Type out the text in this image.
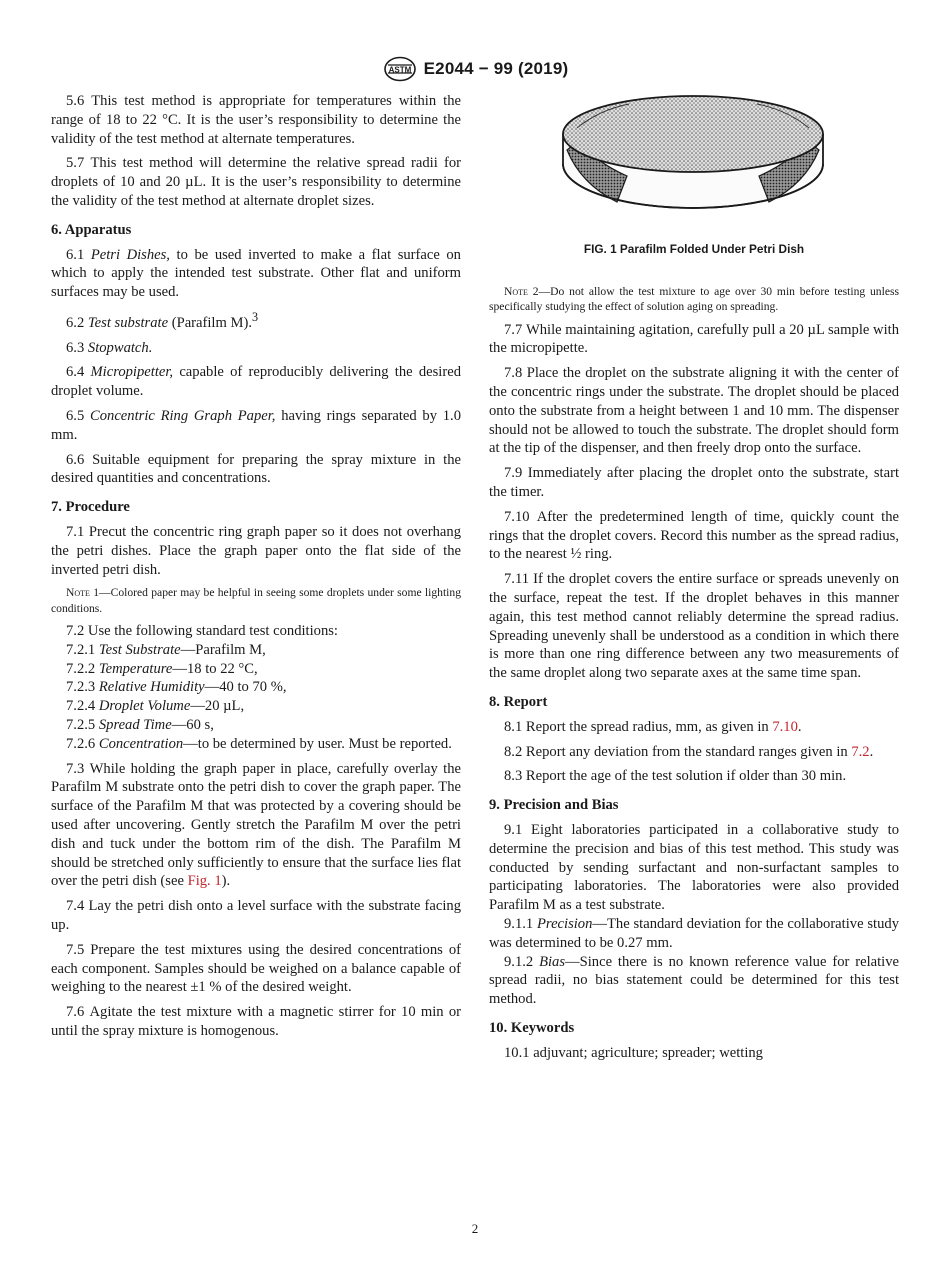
ASTM E2044 − 99 (2019)

5.6 This test method is appropriate for temperatures within the range of 18 to 22 °C. It is the user’s responsibility to determine the validity of the test method at alternate temperatures.

5.7 This test method will determine the relative spread radii for droplets of 10 and 20 µL. It is the user’s responsibility to determine the validity of the test method at alternate droplet sizes.

6. Apparatus

6.1 Petri Dishes, to be used inverted to make a flat surface on which to apply the intended test substrate. Other flat and uniform surfaces may be used.

6.2 Test substrate (Parafilm M).$^3$

6.3 Stopwatch.

6.4 Micropipetter, capable of reproducibly delivering the desired droplet volume.

6.5 Concentric Ring Graph Paper, having rings separated by 1.0 mm.

6.6 Suitable equipment for preparing the spray mixture in the desired quantities and concentrations.

7. Procedure

7.1 Precut the concentric ring graph paper so it does not overhang the petri dishes. Place the graph paper onto the flat side of the inverted petri dish.

Note 1—Colored paper may be helpful in seeing some droplets under some lighting conditions.

7.2 Use the following standard test conditions:

7.2.1 Test Substrate—Parafilm M,

7.2.2 Temperature—18 to 22 °C,

7.2.3 Relative Humidity—40 to 70 %,

7.2.4 Droplet Volume—20 µL,

7.2.5 Spread Time—60 s,

7.2.6 Concentration—to be determined by user. Must be reported.

7.3 While holding the graph paper in place, carefully overlay the Parafilm M substrate onto the petri dish to cover the graph paper. The surface of the Parafilm M that was protected by a covering should be used after uncovering. Gently stretch the Parafilm M over the petri dish and tuck under the bottom rim of the dish. The Parafilm M should be stretched only sufficiently to ensure that the surface lies flat over the petri dish (see Fig. 1).

7.4 Lay the petri dish onto a level surface with the substrate facing up.

7.5 Prepare the test mixtures using the desired concentrations of each component. Samples should be weighed on a balance capable of weighing to the nearest ±1 % of the desired weight.

7.6 Agitate the test mixture with a magnetic stirrer for 10 min or until the spray mixture is homogenous.

FIG. 1 Parafilm Folded Under Petri Dish

Note 2—Do not allow the test mixture to age over 30 min before testing unless specifically studying the effect of solution aging on spreading.

7.7 While maintaining agitation, carefully pull a 20 µL sample with the micropipette.

7.8 Place the droplet on the substrate aligning it with the center of the concentric rings under the substrate. The droplet should be placed onto the substrate from a height between 1 and 10 mm. The dispenser should not be allowed to touch the substrate. The droplet should form at the tip of the dispenser, and then freely drop onto the surface.

7.9 Immediately after placing the droplet onto the substrate, start the timer.

7.10 After the predetermined length of time, quickly count the rings that the droplet covers. Record this number as the spread radius, to the nearest ½ ring.

7.11 If the droplet covers the entire surface or spreads unevenly on the surface, repeat the test. If the droplet behaves in this manner again, this test method cannot reliably determine the spread radius. Spreading unevenly shall be understood as a condition in which there is more than one ring difference between any two measurements of the same droplet along two separate axes at the same time span.

8. Report

8.1 Report the spread radius, mm, as given in 7.10.

8.2 Report any deviation from the standard ranges given in 7.2.

8.3 Report the age of the test solution if older than 30 min.

9. Precision and Bias

9.1 Eight laboratories participated in a collaborative study to determine the precision and bias of this test method. This study was conducted by sending surfactant and non-surfactant samples to participating laboratories. The laboratories were also provided Parafilm M as a test substrate.

9.1.1 Precision—The standard deviation for the collaborative study was determined to be 0.27 mm.

9.1.2 Bias—Since there is no known reference value for relative spread radii, no bias statement could be determined for this test method.

10. Keywords

10.1 adjuvant; agriculture; spreader; wetting

2
